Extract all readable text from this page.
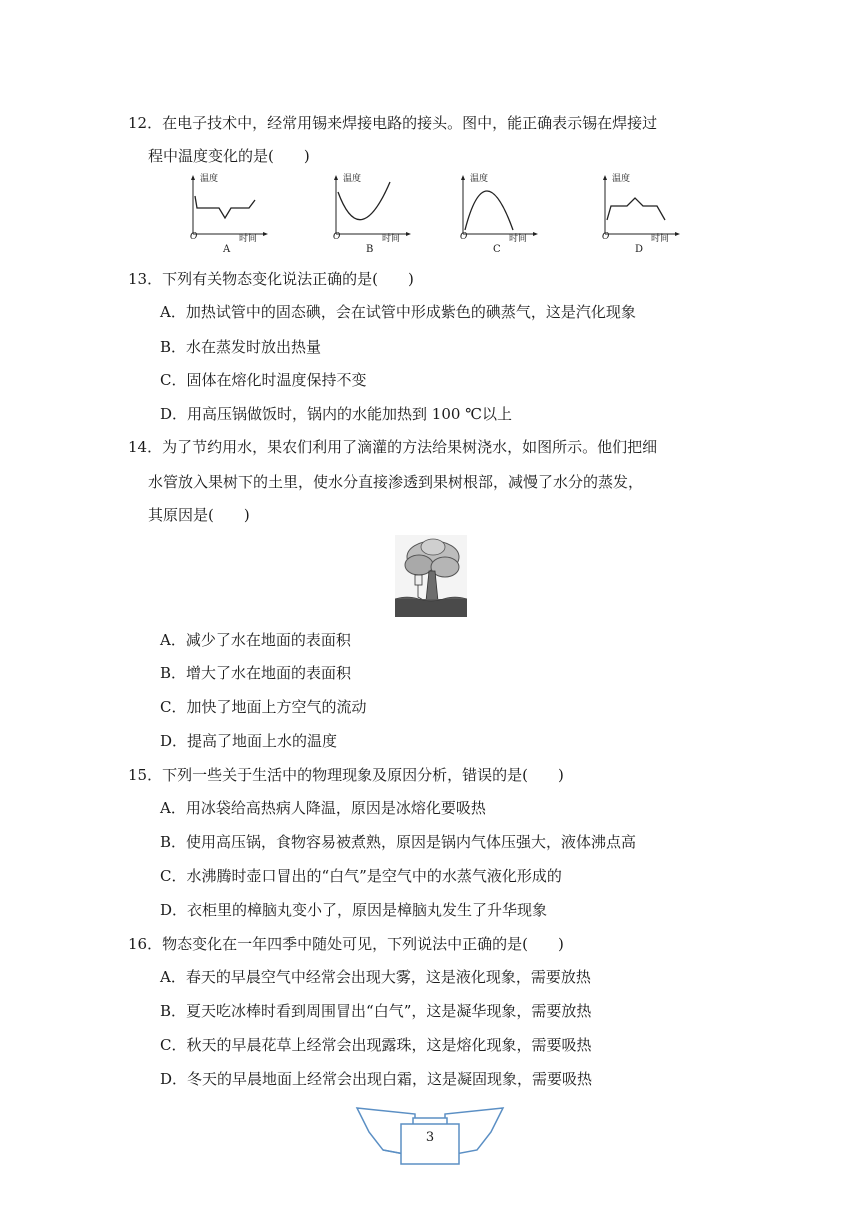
12．在电子技术中，经常用锡来焊接电路的接头。图中，能正确表示锡在焊接过
程中温度变化的是(　　)
温度
O	时间
A
温度
O	时间
B
温度
O	时间
C
温度
O	时间
D
13．下列有关物态变化说法正确的是(　　)
A．加热试管中的固态碘，会在试管中形成紫色的碘蒸气，这是汽化现象
B．水在蒸发时放出热量
C．固体在熔化时温度保持不变
D．用高压锅做饭时，锅内的水能加热到 100 ℃以上
14．为了节约用水，果农们利用了滴灌的方法给果树浇水，如图所示。他们把细
水管放入果树下的土里，使水分直接渗透到果树根部，减慢了水分的蒸发，
其原因是(　　)
A．减少了水在地面的表面积
B．增大了水在地面的表面积
C．加快了地面上方空气的流动
D．提高了地面上水的温度
15．下列一些关于生活中的物理现象及原因分析，错误的是(　　)
A．用冰袋给高热病人降温，原因是冰熔化要吸热
B．使用高压锅，食物容易被煮熟，原因是锅内气体压强大，液体沸点高
C．水沸腾时壶口冒出的“白气”是空气中的水蒸气液化形成的
D．衣柜里的樟脑丸变小了，原因是樟脑丸发生了升华现象
16．物态变化在一年四季中随处可见，下列说法中正确的是(　　)
A．春天的早晨空气中经常会出现大雾，这是液化现象，需要放热
B．夏天吃冰棒时看到周围冒出“白气”，这是凝华现象，需要放热
C．秋天的早晨花草上经常会出现露珠，这是熔化现象，需要吸热
D．冬天的早晨地面上经常会出现白霜，这是凝固现象，需要吸热
3
